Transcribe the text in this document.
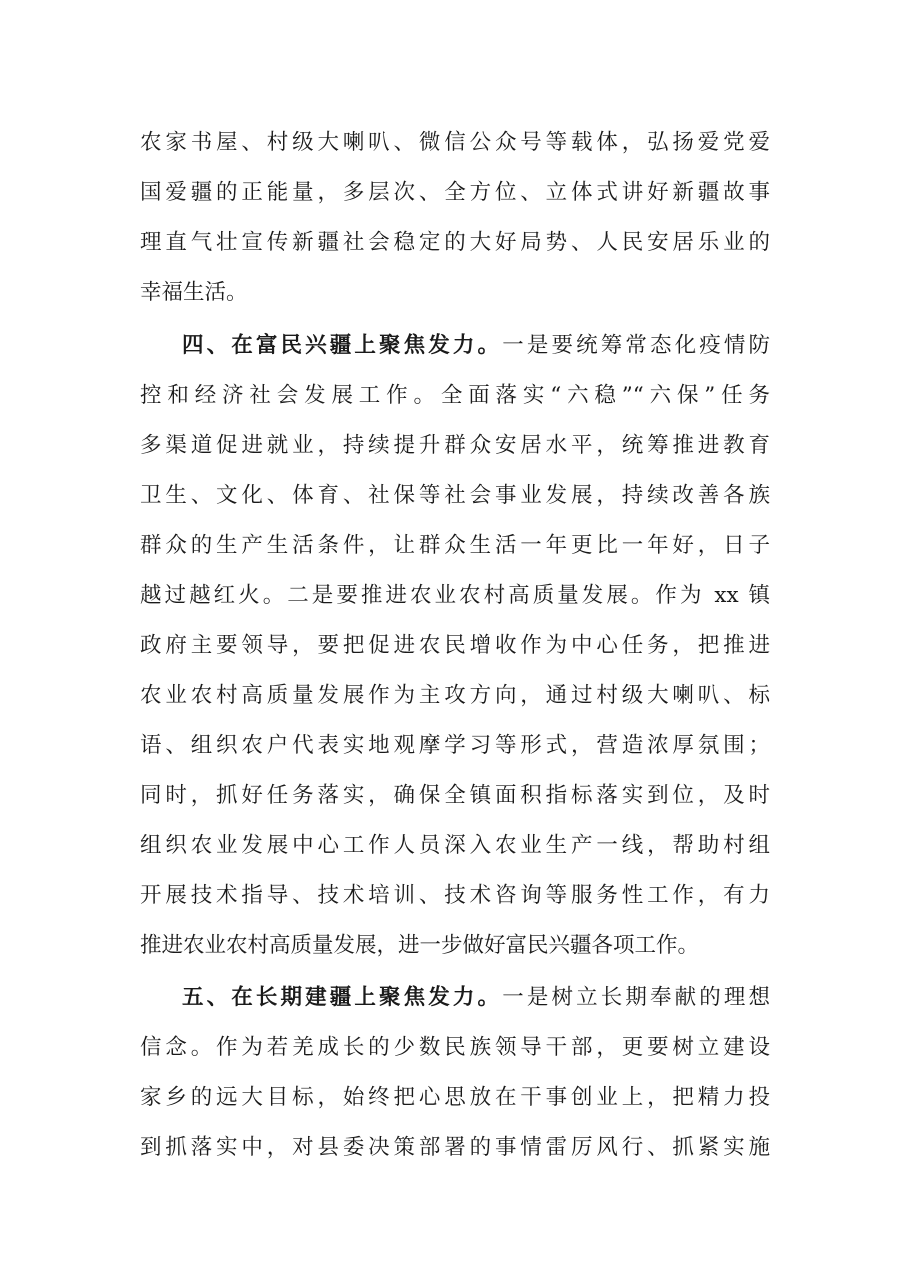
农家书屋、村级大喇叭、微信公众号等载体，弘扬爱党爱
国爱疆的正能量，多层次、全方位、立体式讲好新疆故事
理直气壮宣传新疆社会稳定的大好局势、人民安居乐业的
幸福生活。
四、在富民兴疆上聚焦发力。一是要统筹常态化疫情防
控和经济社会发展工作。全面落实“六稳”“六保”任务
多渠道促进就业，持续提升群众安居水平，统筹推进教育
卫生、文化、体育、社保等社会事业发展，持续改善各族
群众的生产生活条件，让群众生活一年更比一年好，日子
越过越红火。二是要推进农业农村高质量发展。作为 xx 镇
政府主要领导，要把促进农民增收作为中心任务，把推进
农业农村高质量发展作为主攻方向，通过村级大喇叭、标
语、组织农户代表实地观摩学习等形式，营造浓厚氛围；
同时，抓好任务落实，确保全镇面积指标落实到位，及时
组织农业发展中心工作人员深入农业生产一线，帮助村组
开展技术指导、技术培训、技术咨询等服务性工作，有力
推进农业农村高质量发展，进一步做好富民兴疆各项工作。
五、在长期建疆上聚焦发力。一是树立长期奉献的理想
信念。作为若羌成长的少数民族领导干部，更要树立建设
家乡的远大目标，始终把心思放在干事创业上，把精力投
到抓落实中，对县委决策部署的事情雷厉风行、抓紧实施
